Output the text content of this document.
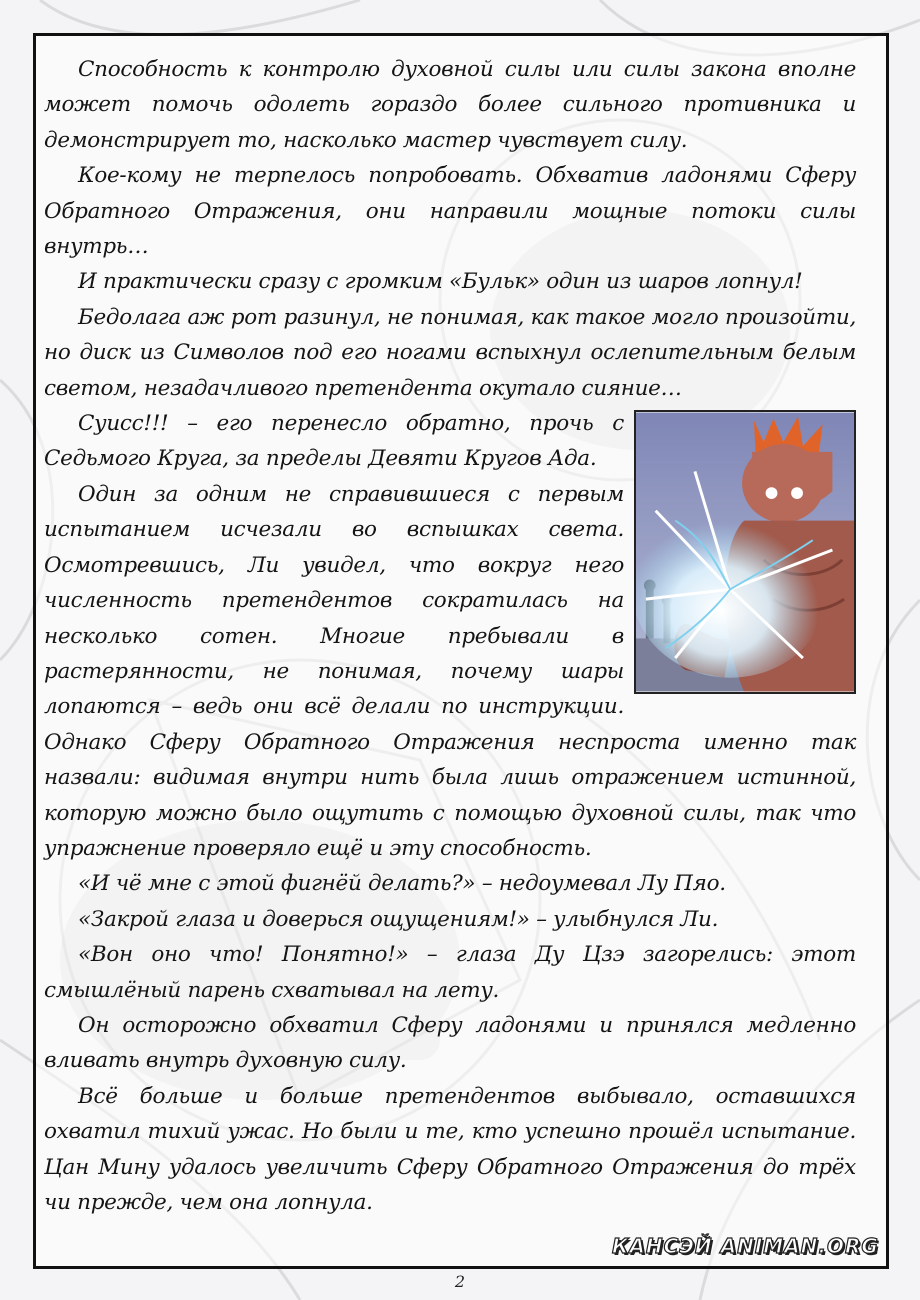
Способность к контролю духовной силы или силы закона вполне может помочь одолеть гораздо более сильного противника и демонстрирует то, насколько мастер чувствует силу.

Кое-кому не терпелось попробовать. Обхватив ладонями Сферу Обратного Отражения, они направили мощные потоки силы внутрь…

И практически сразу с громким «Бульк» один из шаров лопнул!

Бедолага аж рот разинул, не понимая, как такое могло произойти, но диск из Символов под его ногами вспыхнул ослепительным белым светом, незадачливого претендента окутало сияние…

Суисс!!! – его перенесло обратно, прочь с Седьмого Круга, за пределы Девяти Кругов Ада.

Один за одним не справившиеся с первым испытанием исчезали во вспышках света. Осмотревшись, Ли увидел, что вокруг него численность претендентов сократилась на несколько сотен. Многие пребывали в растерянности, не понимая, почему шары лопаются – ведь они всё делали по инструкции. Однако Сферу Обратного Отражения неспроста именно так назвали: видимая внутри нить была лишь отражением истинной, которую можно было ощутить с помощью духовной силы, так что упражнение проверяло ещё и эту способность.

«И чё мне с этой фигнёй делать?» – недоумевал Лу Пяо.

«Закрой глаза и доверься ощущениям!» – улыбнулся Ли.

«Вон оно что! Понятно!» – глаза Ду Цзэ загорелись: этот смышлёный парень схватывал на лету.

Он осторожно обхватил Сферу ладонями и принялся медленно вливать внутрь духовную силу.

Всё больше и больше претендентов выбывало, оставшихся охватил тихий ужас. Но были и те, кто успешно прошёл испытание. Цан Мину удалось увеличить Сферу Обратного Отражения до трёх чи прежде, чем она лопнула.

КАНСЭЙ ANIMAN.ORG
2
